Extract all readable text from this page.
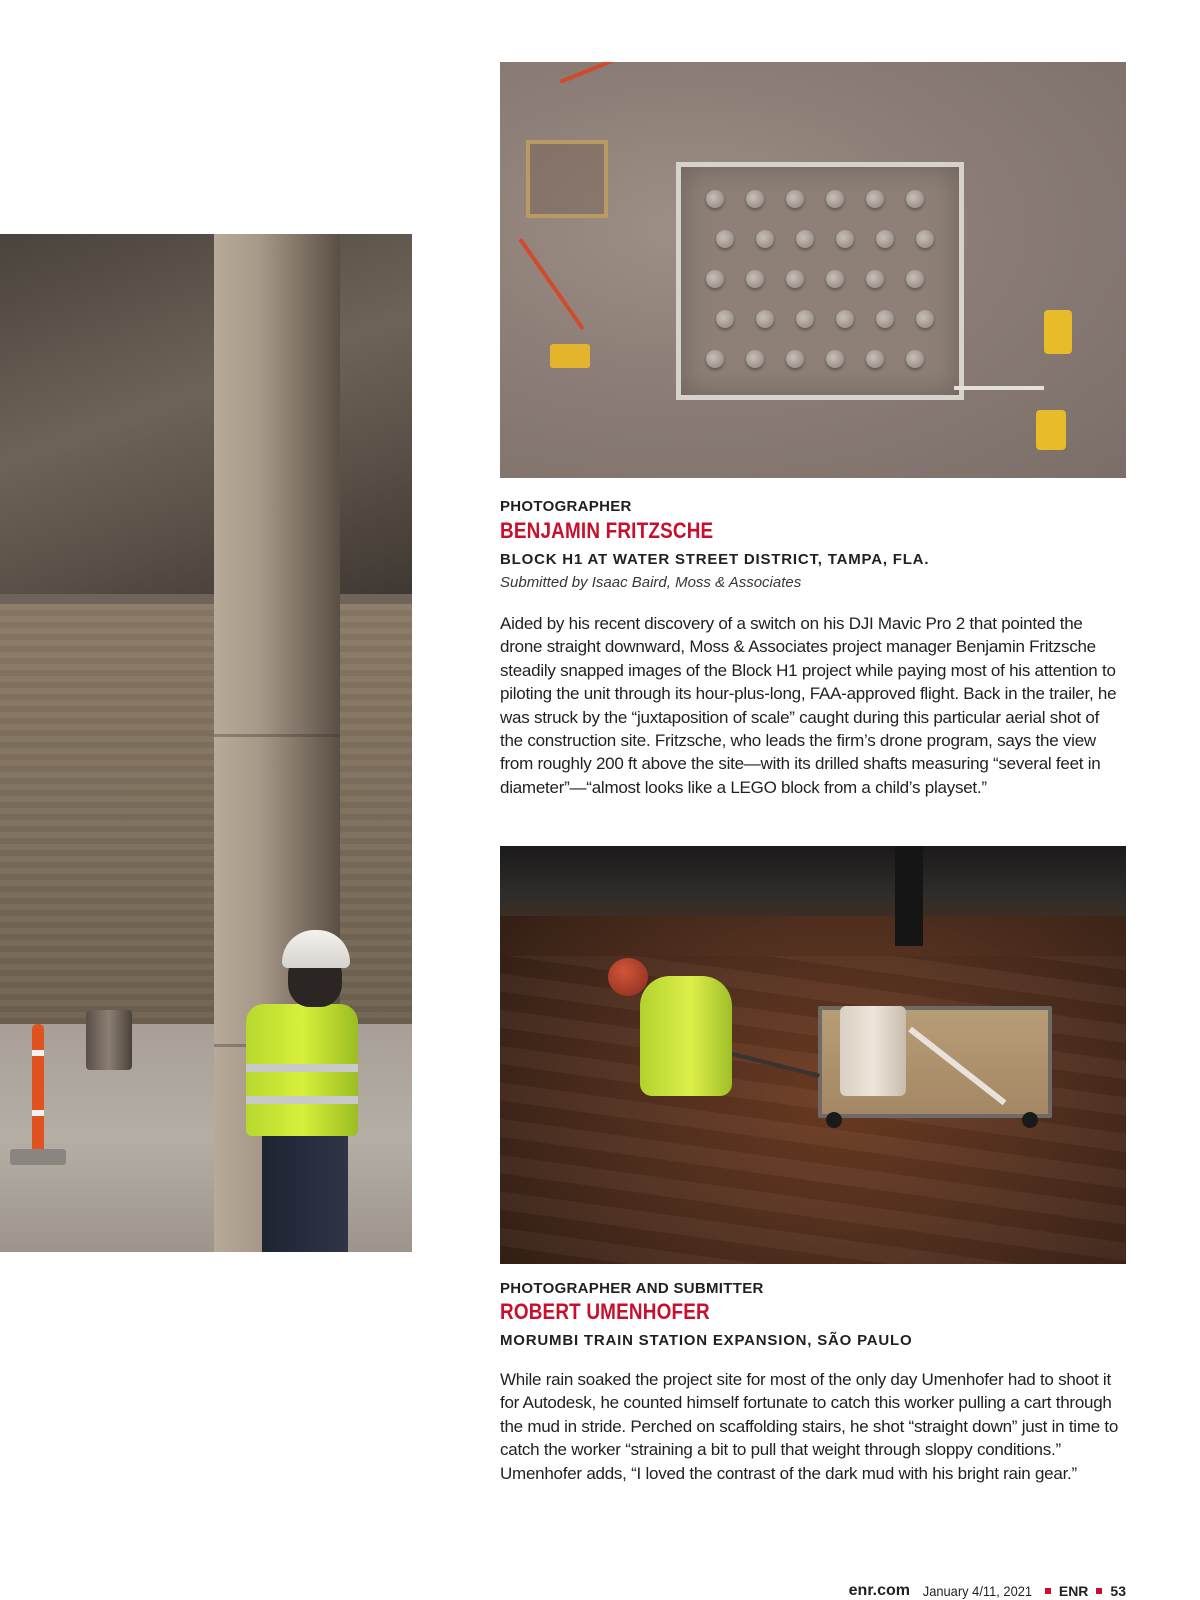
PHOTOGRAPHER
BENJAMIN FRITZSCHE
BLOCK H1 AT WATER STREET DISTRICT, TAMPA, FLA.
Submitted by Isaac Baird, Moss & Associates

Aided by his recent discovery of a switch on his DJI Mavic Pro 2 that pointed the drone straight downward, Moss & Associates project manager Benjamin Fritzsche steadily snapped images of the Block H1 project while paying most of his attention to piloting the unit through its hour-plus-long, FAA-approved flight. Back in the trailer, he was struck by the “juxtaposition of scale” caught during this particular aerial shot of the construction site. Fritzsche, who leads the firm’s drone program, says the view from roughly 200 ft above the site—with its drilled shafts measuring “several feet in diameter”—“almost looks like a LEGO block from a child’s playset.”

PHOTOGRAPHER AND SUBMITTER
ROBERT UMENHOFER
MORUMBI TRAIN STATION EXPANSION, SÃO PAULO

While rain soaked the project site for most of the only day Umenhofer had to shoot it for Autodesk, he counted himself fortunate to catch this worker pulling a cart through the mud in stride. Perched on scaffolding stairs, he shot “straight down” just in time to catch the worker “straining a bit to pull that weight through sloppy conditions.” Umenhofer adds, “I loved the contrast of the dark mud with his bright rain gear.”

enr.com January 4/11, 2021 ENR 53
